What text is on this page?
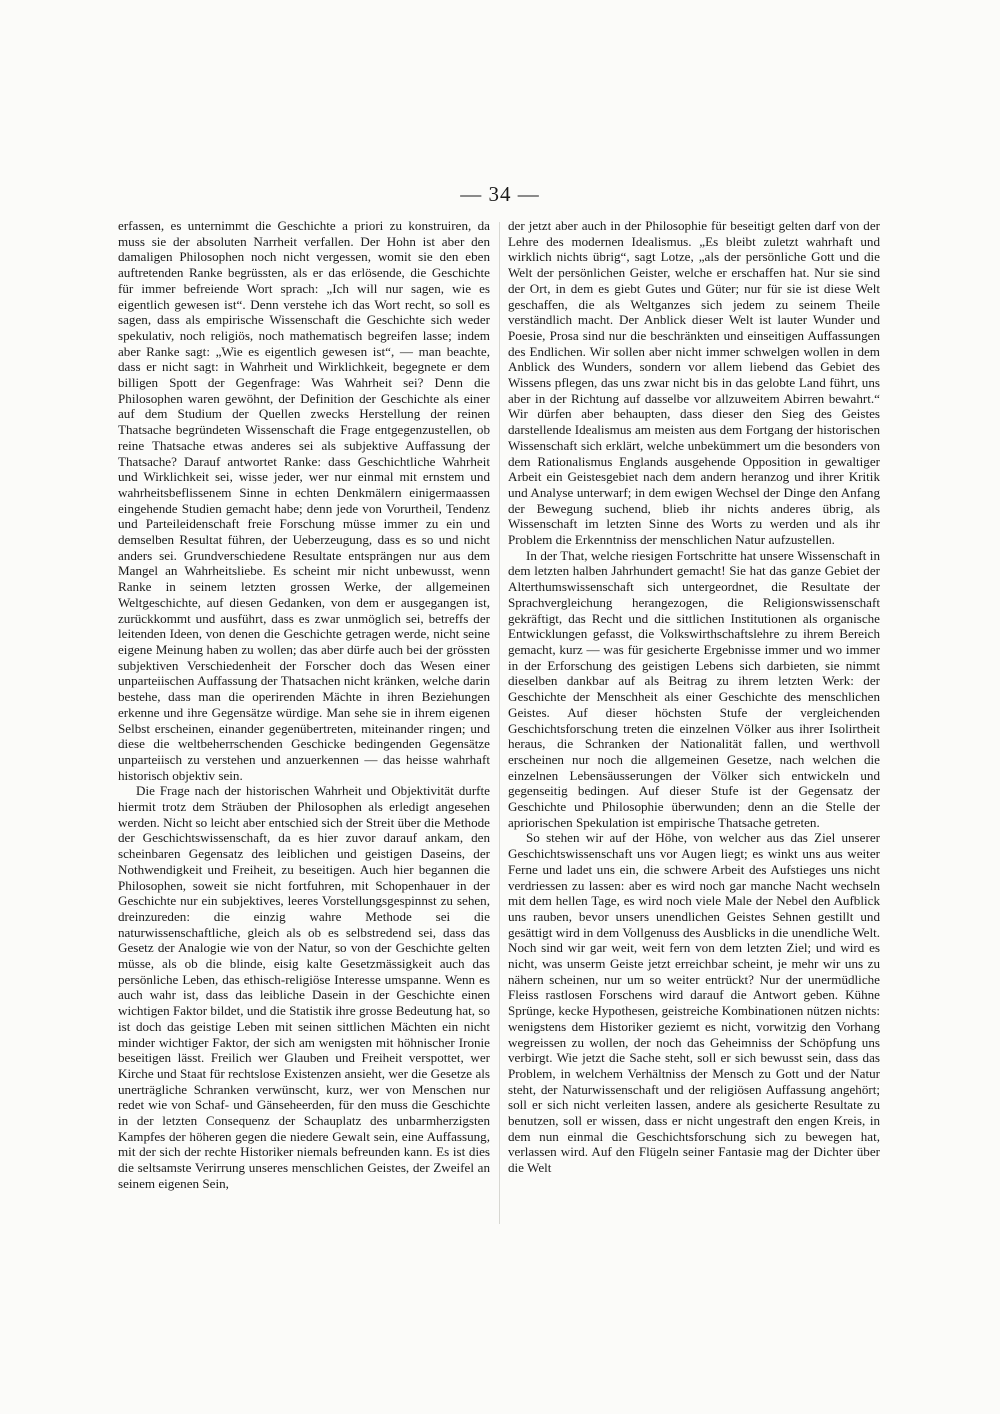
— 34 —

erfassen, es unternimmt die Geschichte a priori zu konstruiren, da muss sie der absoluten Narrheit verfallen. Der Hohn ist aber den damaligen Philosophen noch nicht vergessen, womit sie den eben auftretenden Ranke begrüssten, als er das erlösende, die Geschichte für immer befreiende Wort sprach: „Ich will nur sagen, wie es eigentlich gewesen ist“. Denn verstehe ich das Wort recht, so soll es sagen, dass als empirische Wissenschaft die Geschichte sich weder spekulativ, noch religiös, noch mathematisch begreifen lasse; indem aber Ranke sagt: „Wie es eigentlich gewesen ist“, — man beachte, dass er nicht sagt: in Wahrheit und Wirklichkeit, begegnete er dem billigen Spott der Gegenfrage: Was Wahrheit sei? Denn die Philosophen waren gewöhnt, der Definition der Geschichte als einer auf dem Studium der Quellen zwecks Herstellung der reinen Thatsache begründeten Wissenschaft die Frage entgegenzustellen, ob reine Thatsache etwas anderes sei als subjektive Auffassung der Thatsache? Darauf antwortet Ranke: dass Geschichtliche Wahrheit und Wirklichkeit sei, wisse jeder, wer nur einmal mit ernstem und wahrheitsbeflissenem Sinne in echten Denkmälern einigermaassen eingehende Studien gemacht habe; denn jede von Vorurtheil, Tendenz und Parteileidenschaft freie Forschung müsse immer zu ein und demselben Resultat führen, der Ueberzeugung, dass es so und nicht anders sei. Grundverschiedene Resultate entsprängen nur aus dem Mangel an Wahrheitsliebe. Es scheint mir nicht unbewusst, wenn Ranke in seinem letzten grossen Werke, der allgemeinen Weltgeschichte, auf diesen Gedanken, von dem er ausgegangen ist, zurückkommt und ausführt, dass es zwar unmöglich sei, betreffs der leitenden Ideen, von denen die Geschichte getragen werde, nicht seine eigene Meinung haben zu wollen; das aber dürfe auch bei der grössten subjektiven Verschiedenheit der Forscher doch das Wesen einer unparteiischen Auffassung der Thatsachen nicht kränken, welche darin bestehe, dass man die operirenden Mächte in ihren Beziehungen erkenne und ihre Gegensätze würdige. Man sehe sie in ihrem eigenen Selbst erscheinen, einander gegenübertreten, miteinander ringen; und diese die weltbeherrschenden Geschicke bedingenden Gegensätze unparteiisch zu verstehen und anzuerkennen — das heisse wahrhaft historisch objektiv sein.

Die Frage nach der historischen Wahrheit und Objektivität durfte hiermit trotz dem Sträuben der Philosophen als erledigt angesehen werden. Nicht so leicht aber entschied sich der Streit über die Methode der Geschichtswissenschaft, da es hier zuvor darauf ankam, den scheinbaren Gegensatz des leiblichen und geistigen Daseins, der Nothwendigkeit und Freiheit, zu beseitigen. Auch hier begannen die Philosophen, soweit sie nicht fortfuhren, mit Schopenhauer in der Geschichte nur ein subjektives, leeres Vorstellungsgespinnst zu sehen, dreinzureden: die einzig wahre Methode sei die naturwissenschaftliche, gleich als ob es selbstredend sei, dass das Gesetz der Analogie wie von der Natur, so von der Geschichte gelten müsse, als ob die blinde, eisig kalte Gesetzmässigkeit auch das persönliche Leben, das ethisch-religiöse Interesse umspanne. Wenn es auch wahr ist, dass das leibliche Dasein in der Geschichte einen wichtigen Faktor bildet, und die Statistik ihre grosse Bedeutung hat, so ist doch das geistige Leben mit seinen sittlichen Mächten ein nicht minder wichtiger Faktor, der sich am wenigsten mit höhnischer Ironie beseitigen lässt. Freilich wer Glauben und Freiheit verspottet, wer Kirche und Staat für rechtslose Existenzen ansieht, wer die Gesetze als unerträgliche Schranken verwünscht, kurz, wer von Menschen nur redet wie von Schaf- und Gänseheerden, für den muss die Geschichte in der letzten Consequenz der Schauplatz des unbarmherzigsten Kampfes der höheren gegen die niedere Gewalt sein, eine Auffassung, mit der sich der rechte Historiker niemals befreunden kann. Es ist dies die seltsamste Verirrung unseres menschlichen Geistes, der Zweifel an seinem eigenen Sein,

der jetzt aber auch in der Philosophie für beseitigt gelten darf von der Lehre des modernen Idealismus. „Es bleibt zuletzt wahrhaft und wirklich nichts übrig“, sagt Lotze, „als der persönliche Gott und die Welt der persönlichen Geister, welche er erschaffen hat. Nur sie sind der Ort, in dem es giebt Gutes und Güter; nur für sie ist diese Welt geschaffen, die als Weltganzes sich jedem zu seinem Theile verständlich macht. Der Anblick dieser Welt ist lauter Wunder und Poesie, Prosa sind nur die beschränkten und einseitigen Auffassungen des Endlichen. Wir sollen aber nicht immer schwelgen wollen in dem Anblick des Wunders, sondern vor allem liebend das Gebiet des Wissens pflegen, das uns zwar nicht bis in das gelobte Land führt, uns aber in der Richtung auf dasselbe vor allzuweitem Abirren bewahrt.“ Wir dürfen aber behaupten, dass dieser den Sieg des Geistes darstellende Idealismus am meisten aus dem Fortgang der historischen Wissenschaft sich erklärt, welche unbekümmert um die besonders von dem Rationalismus Englands ausgehende Opposition in gewaltiger Arbeit ein Geistesgebiet nach dem andern heranzog und ihrer Kritik und Analyse unterwarf; in dem ewigen Wechsel der Dinge den Anfang der Bewegung suchend, blieb ihr nichts anderes übrig, als Wissenschaft im letzten Sinne des Worts zu werden und als ihr Problem die Erkenntniss der menschlichen Natur aufzustellen.

In der That, welche riesigen Fortschritte hat unsere Wissenschaft in dem letzten halben Jahrhundert gemacht! Sie hat das ganze Gebiet der Alterthumswissenschaft sich untergeordnet, die Resultate der Sprachvergleichung herangezogen, die Religionswissenschaft gekräftigt, das Recht und die sittlichen Institutionen als organische Entwicklungen gefasst, die Volkswirthschaftslehre zu ihrem Bereich gemacht, kurz — was für gesicherte Ergebnisse immer und wo immer in der Erforschung des geistigen Lebens sich darbieten, sie nimmt dieselben dankbar auf als Beitrag zu ihrem letzten Werk: der Geschichte der Menschheit als einer Geschichte des menschlichen Geistes. Auf dieser höchsten Stufe der vergleichenden Geschichtsforschung treten die einzelnen Völker aus ihrer Isolirtheit heraus, die Schranken der Nationalität fallen, und werthvoll erscheinen nur noch die allgemeinen Gesetze, nach welchen die einzelnen Lebensäusserungen der Völker sich entwickeln und gegenseitig bedingen. Auf dieser Stufe ist der Gegensatz der Geschichte und Philosophie überwunden; denn an die Stelle der apriorischen Spekulation ist empirische Thatsache getreten.

So stehen wir auf der Höhe, von welcher aus das Ziel unserer Geschichtswissenschaft uns vor Augen liegt; es winkt uns aus weiter Ferne und ladet uns ein, die schwere Arbeit des Aufstieges uns nicht verdriessen zu lassen: aber es wird noch gar manche Nacht wechseln mit dem hellen Tage, es wird noch viele Male der Nebel den Aufblick uns rauben, bevor unsers unendlichen Geistes Sehnen gestillt und gesättigt wird in dem Vollgenuss des Ausblicks in die unendliche Welt. Noch sind wir gar weit, weit fern von dem letzten Ziel; und wird es nicht, was unserm Geiste jetzt erreichbar scheint, je mehr wir uns zu nähern scheinen, nur um so weiter entrückt? Nur der unermüdliche Fleiss rastlosen Forschens wird darauf die Antwort geben. Kühne Sprünge, kecke Hypothesen, geistreiche Kombinationen nützen nichts: wenigstens dem Historiker geziemt es nicht, vorwitzig den Vorhang wegreissen zu wollen, der noch das Geheimniss der Schöpfung uns verbirgt. Wie jetzt die Sache steht, soll er sich bewusst sein, dass das Problem, in welchem Verhältniss der Mensch zu Gott und der Natur steht, der Naturwissenschaft und der religiösen Auffassung angehört; soll er sich nicht verleiten lassen, andere als gesicherte Resultate zu benutzen, soll er wissen, dass er nicht ungestraft den engen Kreis, in dem nun einmal die Geschichtsforschung sich zu bewegen hat, verlassen wird. Auf den Flügeln seiner Fantasie mag der Dichter über die Welt
